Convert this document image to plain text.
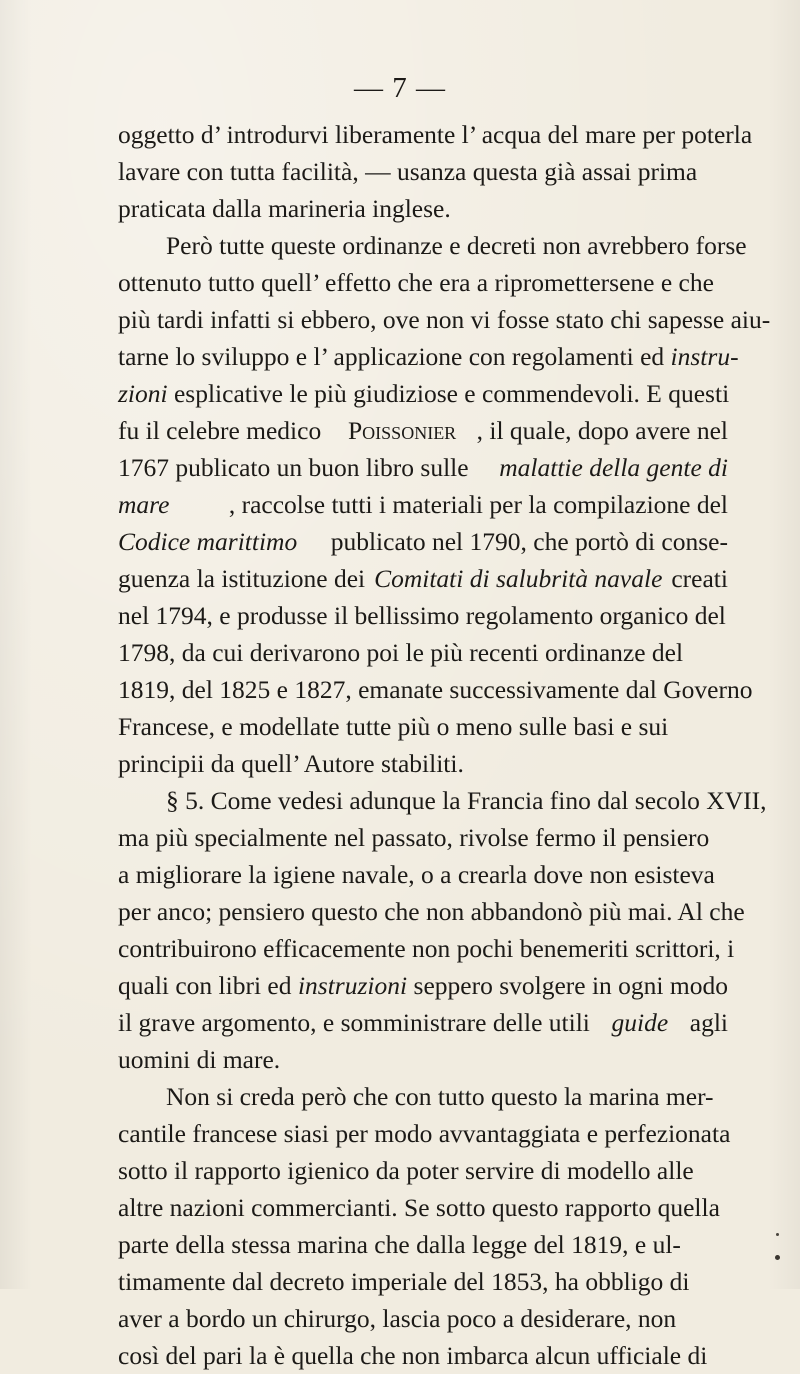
— 7 —
oggetto d’ introdurvi liberamente l’ acqua del mare per poterla
lavare con tutta facilità, — usanza questa già assai prima
praticata dalla marineria inglese.
Però tutte queste ordinanze e decreti non avrebbero forse
ottenuto tutto quell’ effetto che era a ripromettersene e che
più tardi infatti si ebbero, ove non vi fosse stato chi sapesse aiu-
tarne lo sviluppo e l’ applicazione con regolamenti ed instru-
zioni esplicative le più giudiziose e commendevoli. E questi
fu il celebre medico Poissonier , il quale, dopo avere nel
1767 publicato un buon libro sulle malattie della gente di
mare , raccolse tutti i materiali per la compilazione del
Codice marittimo publicato nel 1790, che portò di conse-
guenza la istituzione dei Comitati di salubrità navale creati
nel 1794, e produsse il bellissimo regolamento organico del
1798, da cui derivarono poi le più recenti ordinanze del
1819, del 1825 e 1827, emanate successivamente dal Governo
Francese, e modellate tutte più o meno sulle basi e sui
principii da quell’ Autore stabiliti.
§ 5. Come vedesi adunque la Francia fino dal secolo XVII,
ma più specialmente nel passato, rivolse fermo il pensiero
a migliorare la igiene navale, o a crearla dove non esisteva
per anco; pensiero questo che non abbandonò più mai. Al che
contribuirono efficacemente non pochi benemeriti scrittori, i
quali con libri ed instruzioni seppero svolgere in ogni modo
il grave argomento, e somministrare delle utili guide agli
uomini di mare.
Non si creda però che con tutto questo la marina mer-
cantile francese siasi per modo avvantaggiata e perfezionata
sotto il rapporto igienico da poter servire di modello alle
altre nazioni commercianti. Se sotto questo rapporto quella
parte della stessa marina che dalla legge del 1819, e ul-
timamente dal decreto imperiale del 1853, ha obbligo di
aver a bordo un chirurgo, lascia poco a desiderare, non
così del pari la è quella che non imbarca alcun ufficiale di
